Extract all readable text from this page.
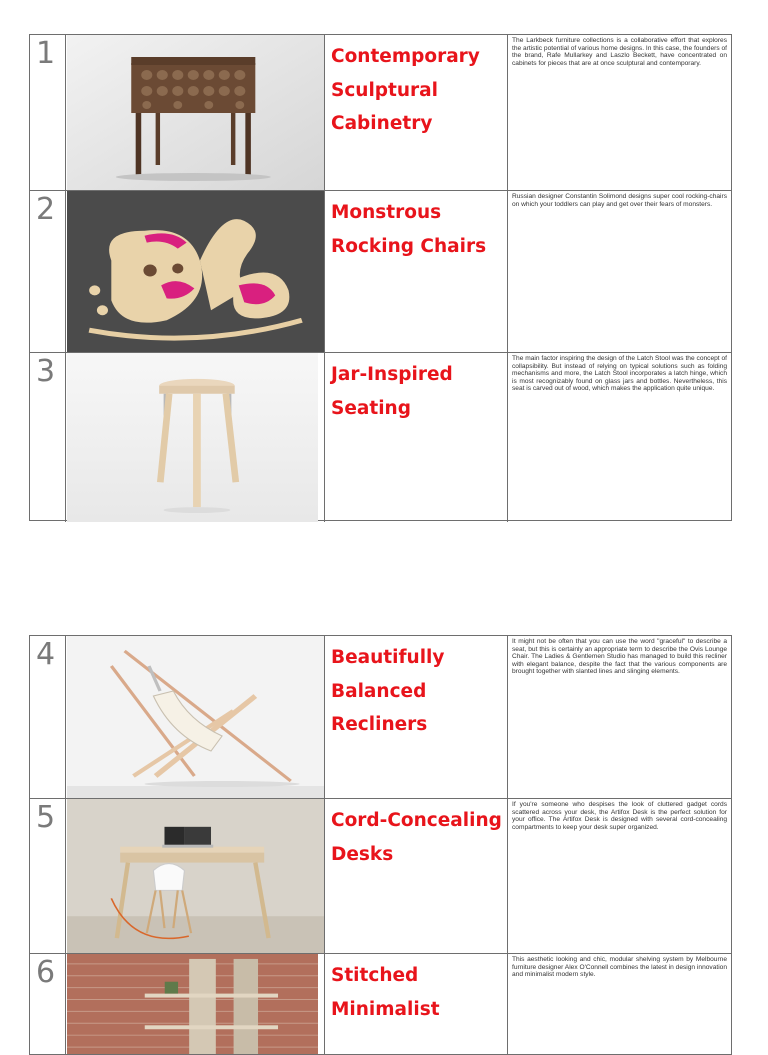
1	Contemporary Sculptural Cabinetry
The Larkbeck furniture collections is a collaborative effort that explores the artistic potential of various home designs. In this case, the founders of the brand, Rafe Mullarkey and Laszlo Beckett, have concentrated on cabinets for pieces that are at once sculptural and contemporary.
2	Monstrous Rocking Chairs
Russian designer Constantin Solimond designs super cool rocking-chairs on which your toddlers can play and get over their fears of monsters.
3	Jar-Inspired Seating
The main factor inspiring the design of the Latch Stool was the concept of collapsibility. But instead of relying on typical solutions such as folding mechanisms and more, the Latch Stool incorporates a latch hinge, which is most recognizably found on glass jars and bottles. Nevertheless, this seat is carved out of wood, which makes the application quite unique.
4	Beautifully Balanced Recliners
It might not be often that you can use the word "graceful" to describe a seat, but this is certainly an appropriate term to describe the Ovis Lounge Chair. The Ladies & Gentlemen Studio has managed to build this recliner with elegant balance, despite the fact that the various components are brought together with slanted lines and slinging elements.
5	Cord-Concealing Desks
If you're someone who despises the look of cluttered gadget cords scattered across your desk, the Artifox Desk is the perfect solution for your office. The Artifox Desk is designed with several cord-concealing compartments to keep your desk super organized.
6	Stitched Minimalist
This aesthetic looking and chic, modular shelving system by Melbourne furniture designer Alex O'Connell combines the latest in design innovation and minimalist modern style.
